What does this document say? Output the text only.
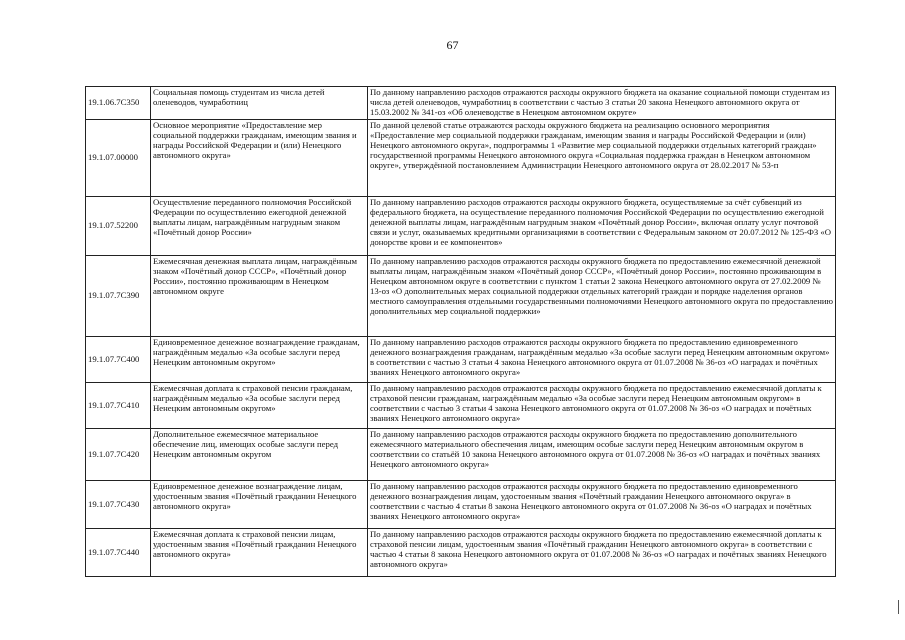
67
19.1.06.7С350	Социальная помощь студентам из числа детей оленеводов, чумработниц	По данному направлению расходов отражаются расходы окружного бюджета на оказание социальной помощи студентам из числа детей оленеводов, чумработниц в соответствии с частью 3 статьи 20 закона Ненецкого автономного округа от 15.03.2002 № 341-оз «Об оленеводстве в Ненецком автономном округе»
19.1.07.00000	Основное мероприятие «Предоставление мер социальной поддержки гражданам, имеющим звания и награды Российской Федерации и (или) Ненецкого автономного округа»	По данной целевой статье отражаются расходы окружного бюджета на реализацию основного мероприятия «Предоставление мер социальной поддержки гражданам, имеющим звания и награды Российской Федерации и (или) Ненецкого автономного округа», подпрограммы 1 «Развитие мер социальной поддержки отдельных категорий граждан» государственной программы Ненецкого автономного округа «Социальная поддержка граждан в Ненецком автономном округе», утверждённой постановлением Администрации Ненецкого автономного округа от 28.02.2017 № 53-п
19.1.07.52200	Осуществление переданного полномочия Российской Федерации по осуществлению ежегодной денежной выплаты лицам, награждённым нагрудным знаком «Почётный донор России»	По данному направлению расходов отражаются расходы окружного бюджета, осуществляемые за счёт субвенций из федерального бюджета, на осуществление переданного полномочия Российской Федерации по осуществлению ежегодной денежной выплаты лицам, награждённым нагрудным знаком «Почётный донор России», включая оплату услуг почтовой связи и услуг, оказываемых кредитными организациями в соответствии с Федеральным законом от 20.07.2012 № 125-ФЗ «О донорстве крови и ее компонентов»
19.1.07.7С390	Ежемесячная денежная выплата лицам, награждённым знаком «Почётный донор СССР», «Почётный донор России», постоянно проживающим в Ненецком автономном округе	По данному направлению расходов отражаются расходы окружного бюджета по предоставлению ежемесячной денежной выплаты лицам, награждённым знаком «Почётный донор СССР», «Почётный донор России», постоянно проживающим в Ненецком автономном округе в соответствии с пунктом 1 статьи 2 закона Ненецкого автономного округа от 27.02.2009 № 13-оз «О дополнительных мерах социальной поддержки отдельных категорий граждан и порядке наделения органов местного самоуправления отдельными государственными полномочиями Ненецкого автономного округа по предоставлению дополнительных мер социальной поддержки»
19.1.07.7С400	Единовременное денежное вознаграждение гражданам, награждённым медалью «За особые заслуги перед Ненецким автономным округом»	По данному направлению расходов отражаются расходы окружного бюджета по предоставлению единовременного денежного вознаграждения гражданам, награждённым медалью «За особые заслуги перед Ненецким автономным округом» в соответствии с частью 3 статьи 4 закона Ненецкого автономного округа от 01.07.2008 № 36-оз «О наградах и почётных званиях Ненецкого автономного округа»
19.1.07.7С410	Ежемесячная доплата к страховой пенсии гражданам, награждённым медалью «За особые заслуги перед Ненецким автономным округом»	По данному направлению расходов отражаются расходы окружного бюджета по предоставлению ежемесячной доплаты к страховой пенсии гражданам, награждённым медалью «За особые заслуги перед Ненецким автономным округом» в соответствии с частью 3 статьи 4 закона Ненецкого автономного округа от 01.07.2008 № 36-оз «О наградах и почётных званиях Ненецкого автономного округа»
19.1.07.7С420	Дополнительное ежемесячное материальное обеспечение лиц, имеющих особые заслуги перед Ненецким автономным округом	По данному направлению расходов отражаются расходы окружного бюджета по предоставлению дополнительного ежемесячного материального обеспечения лицам, имеющим особые заслуги перед Ненецким автономным округом в соответствии со статьёй 10 закона Ненецкого автономного округа от 01.07.2008 № 36-оз «О наградах и почётных званиях Ненецкого автономного округа»
19.1.07.7С430	Единовременное денежное вознаграждение лицам, удостоенным звания «Почётный гражданин Ненецкого автономного округа»	По данному направлению расходов отражаются расходы окружного бюджета по предоставлению единовременного денежного вознаграждения лицам, удостоенным звания «Почётный гражданин Ненецкого автономного округа» в соответствии с частью 4 статьи 8 закона Ненецкого автономного округа от 01.07.2008 № 36-оз «О наградах и почётных званиях Ненецкого автономного округа»
19.1.07.7С440	Ежемесячная доплата к страховой пенсии лицам, удостоенным звания «Почётный гражданин Ненецкого автономного округа»	По данному направлению расходов отражаются расходы окружного бюджета по предоставлению ежемесячной доплаты к страховой пенсии лицам, удостоенным звания «Почётный гражданин Ненецкого автономного округа» в соответствии с частью 4 статьи 8 закона Ненецкого автономного округа от 01.07.2008 № 36-оз «О наградах и почётных званиях Ненецкого автономного округа»
